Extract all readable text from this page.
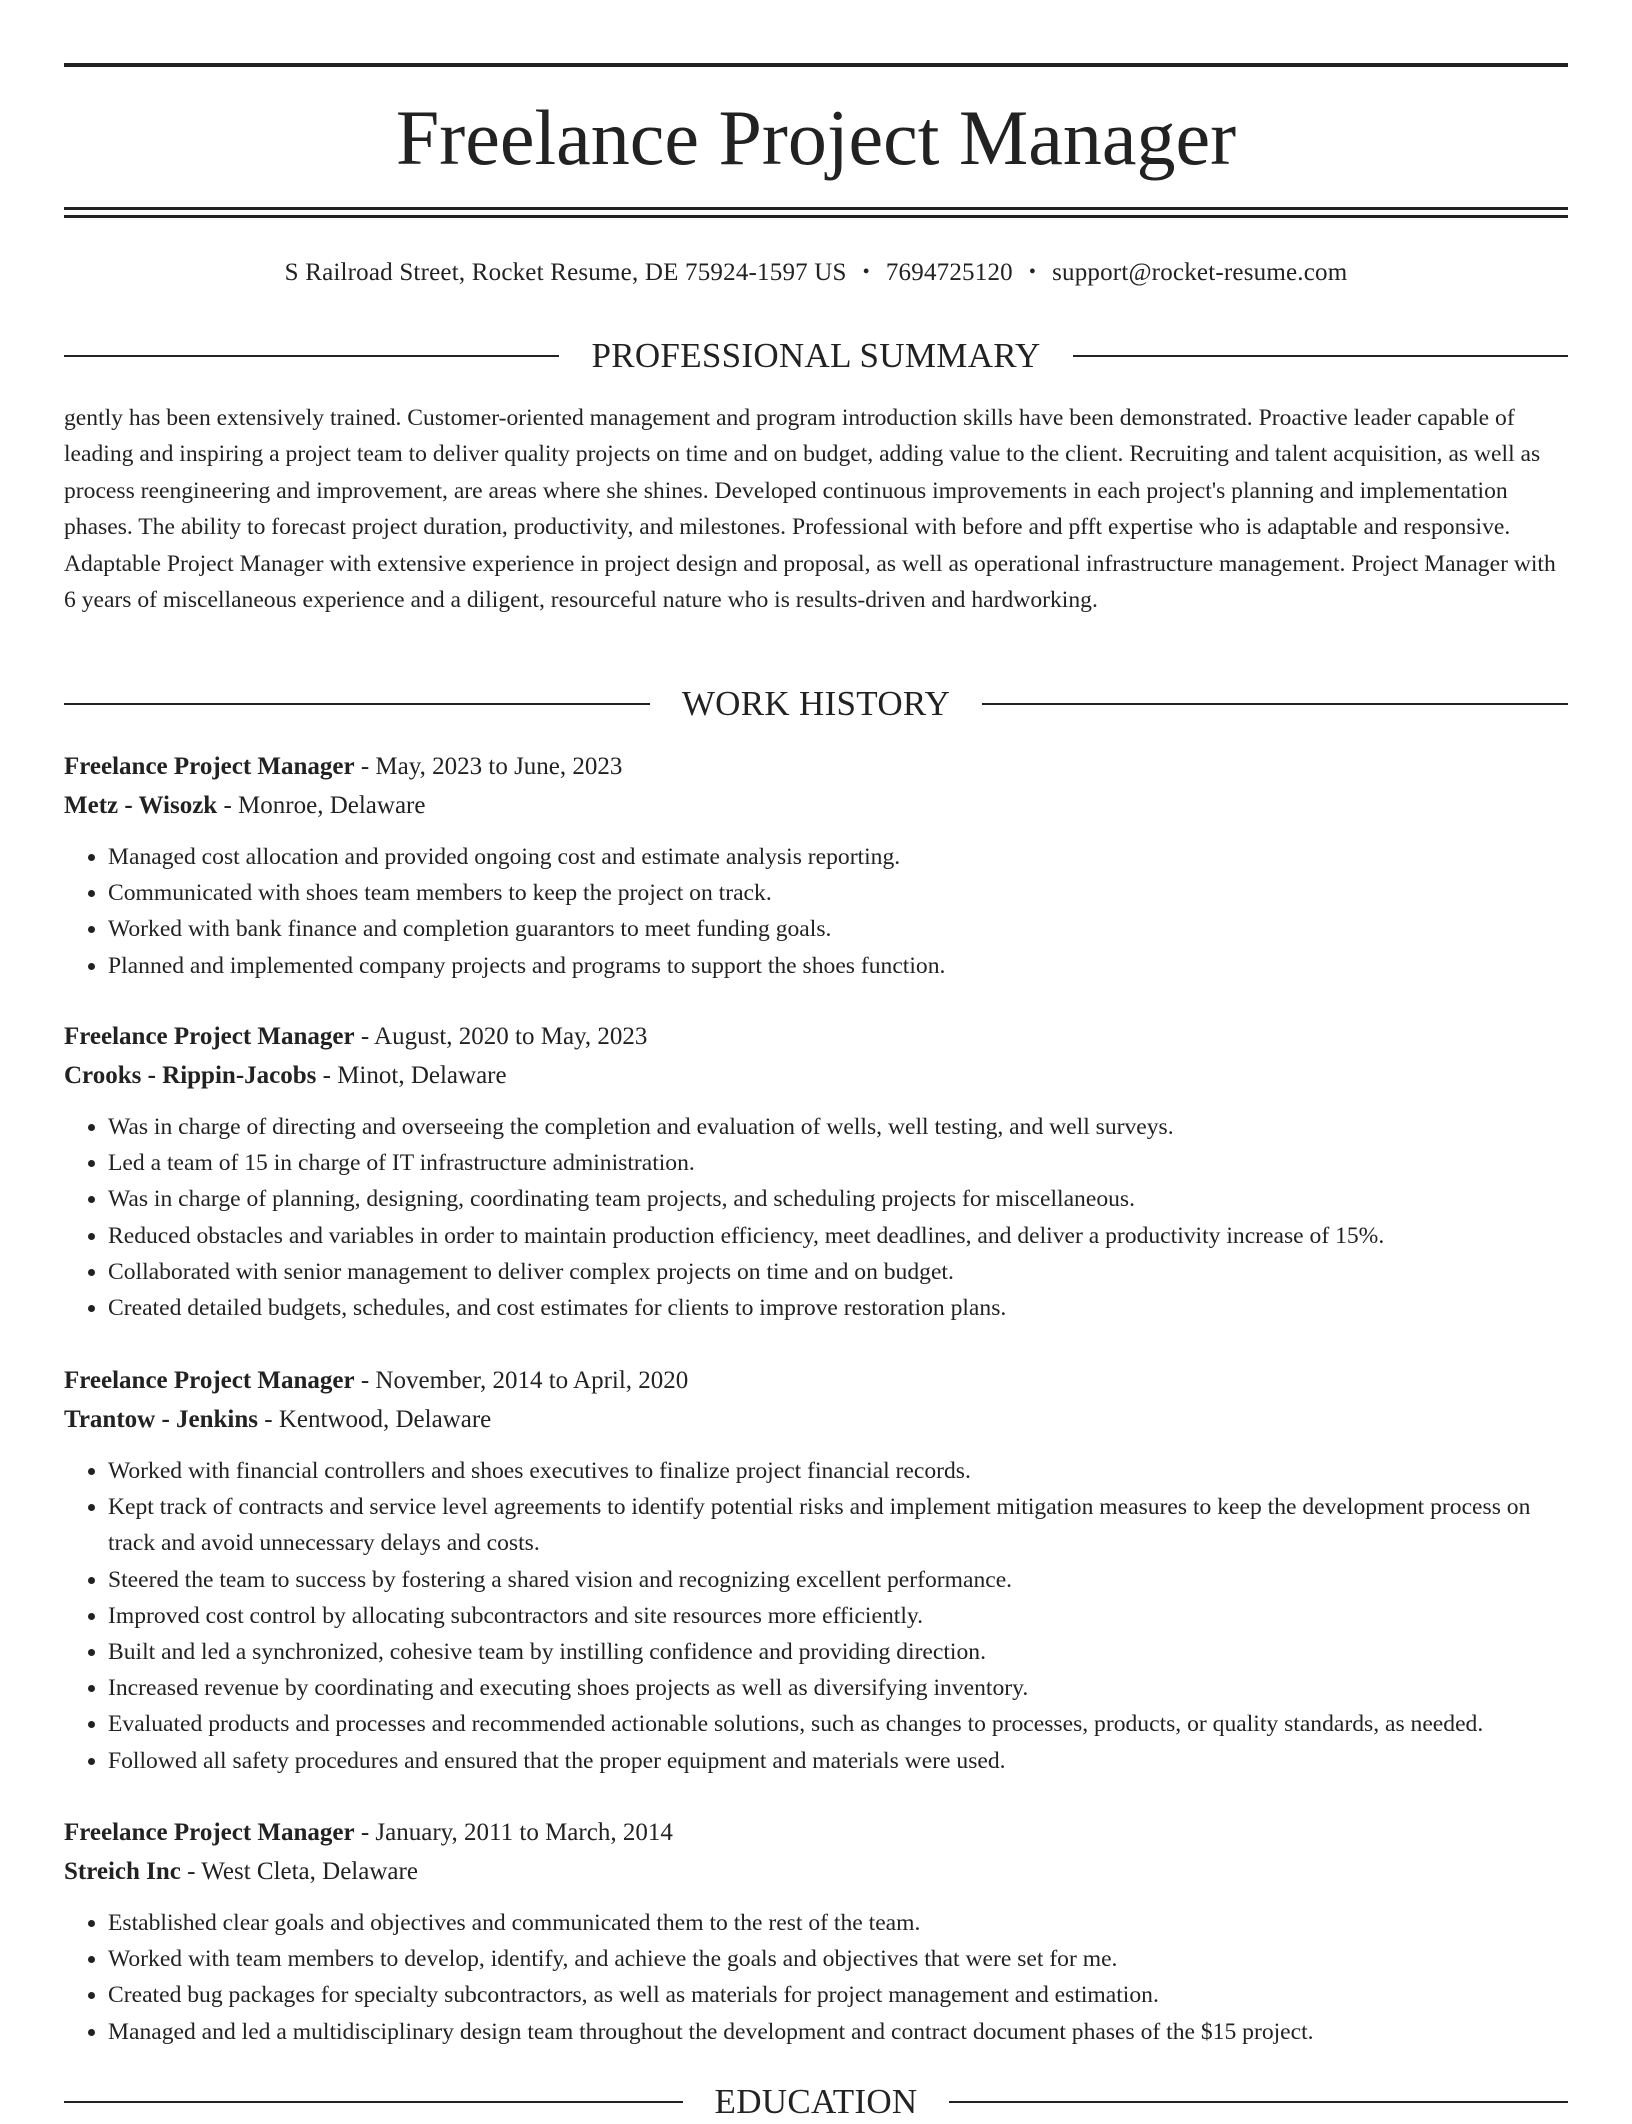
Freelance Project Manager
S Railroad Street, Rocket Resume, DE 75924-1597 US • 7694725120 • support@rocket-resume.com
PROFESSIONAL SUMMARY

gently has been extensively trained. Customer-oriented management and program introduction skills have been demonstrated. Proactive leader capable of leading and inspiring a project team to deliver quality projects on time and on budget, adding value to the client. Recruiting and talent acquisition, as well as process reengineering and improvement, are areas where she shines. Developed continuous improvements in each project's planning and implementation phases. The ability to forecast project duration, productivity, and milestones. Professional with before and pfft expertise who is adaptable and responsive. Adaptable Project Manager with extensive experience in project design and proposal, as well as operational infrastructure management. Project Manager with 6 years of miscellaneous experience and a diligent, resourceful nature who is results-driven and hardworking.

WORK HISTORY
Freelance Project Manager - May, 2023 to June, 2023
Metz - Wisozk - Monroe, Delaware
• Managed cost allocation and provided ongoing cost and estimate analysis reporting.
• Communicated with shoes team members to keep the project on track.
• Worked with bank finance and completion guarantors to meet funding goals.
• Planned and implemented company projects and programs to support the shoes function.
Freelance Project Manager - August, 2020 to May, 2023
Crooks - Rippin-Jacobs - Minot, Delaware
• Was in charge of directing and overseeing the completion and evaluation of wells, well testing, and well surveys.
• Led a team of 15 in charge of IT infrastructure administration.
• Was in charge of planning, designing, coordinating team projects, and scheduling projects for miscellaneous.
• Reduced obstacles and variables in order to maintain production efficiency, meet deadlines, and deliver a productivity increase of 15%.
• Collaborated with senior management to deliver complex projects on time and on budget.
• Created detailed budgets, schedules, and cost estimates for clients to improve restoration plans.
Freelance Project Manager - November, 2014 to April, 2020
Trantow - Jenkins - Kentwood, Delaware
• Worked with financial controllers and shoes executives to finalize project financial records.
• Kept track of contracts and service level agreements to identify potential risks and implement mitigation measures to keep the development process on track and avoid unnecessary delays and costs.
• Steered the team to success by fostering a shared vision and recognizing excellent performance.
• Improved cost control by allocating subcontractors and site resources more efficiently.
• Built and led a synchronized, cohesive team by instilling confidence and providing direction.
• Increased revenue by coordinating and executing shoes projects as well as diversifying inventory.
• Evaluated products and processes and recommended actionable solutions, such as changes to processes, products, or quality standards, as needed.
• Followed all safety procedures and ensured that the proper equipment and materials were used.
Freelance Project Manager - January, 2011 to March, 2014
Streich Inc - West Cleta, Delaware
• Established clear goals and objectives and communicated them to the rest of the team.
• Worked with team members to develop, identify, and achieve the goals and objectives that were set for me.
• Created bug packages for specialty subcontractors, as well as materials for project management and estimation.
• Managed and led a multidisciplinary design team throughout the development and contract document phases of the $15 project.
EDUCATION
